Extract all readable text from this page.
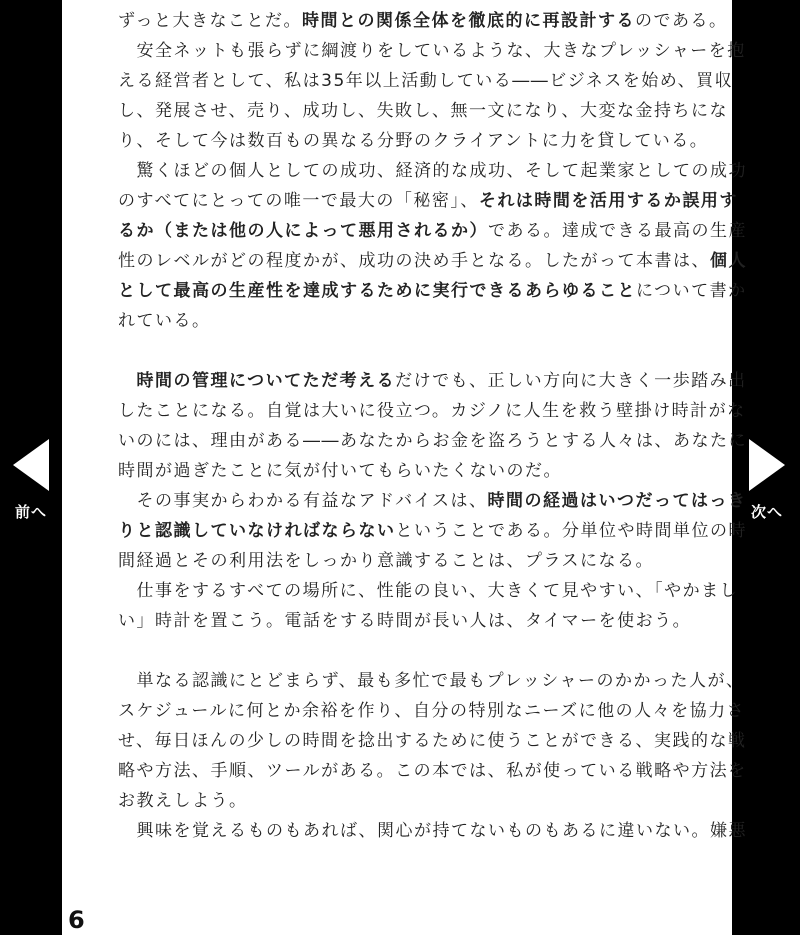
前へ
ずっと大きなことだ。時間との関係全体を徹底的に再設計するのである。
　安全ネットも張らずに綱渡りをしているような、大きなプレッシャーを抱
える経営者として、私は35年以上活動している――ビジネスを始め、買収
し、発展させ、売り、成功し、失敗し、無一文になり、大変な金持ちにな
り、そして今は数百もの異なる分野のクライアントに力を貸している。
　驚くほどの個人としての成功、経済的な成功、そして起業家としての成功
のすべてにとっての唯一で最大の「秘密」、それは時間を活用するか誤用す
るか（または他の人によって悪用されるか）である。達成できる最高の生産
性のレベルがどの程度かが、成功の決め手となる。したがって本書は、個人
として最高の生産性を達成するために実行できるあらゆることについて書か
れている。
　時間の管理についてただ考えるだけでも、正しい方向に大きく一歩踏み出
したことになる。自覚は大いに役立つ。カジノに人生を救う壁掛け時計がな
いのには、理由がある――あなたからお金を盗ろうとする人々は、あなたに
時間が過ぎたことに気が付いてもらいたくないのだ。
　その事実からわかる有益なアドバイスは、時間の経過はいつだってはっき
りと認識していなければならないということである。分単位や時間単位の時
間経過とその利用法をしっかり意識することは、プラスになる。
　仕事をするすべての場所に、性能の良い、大きくて見やすい、「やかまし
い」時計を置こう。電話をする時間が長い人は、タイマーを使おう。
　単なる認識にとどまらず、最も多忙で最もプレッシャーのかかった人が、
スケジュールに何とか余裕を作り、自分の特別なニーズに他の人々を協力さ
せ、毎日ほんの少しの時間を捻出するために使うことができる、実践的な戦
略や方法、手順、ツールがある。この本では、私が使っている戦略や方法を
お教えしよう。
　興味を覚えるものもあれば、関心が持てないものもあるに違いない。嫌悪
6
次へ
